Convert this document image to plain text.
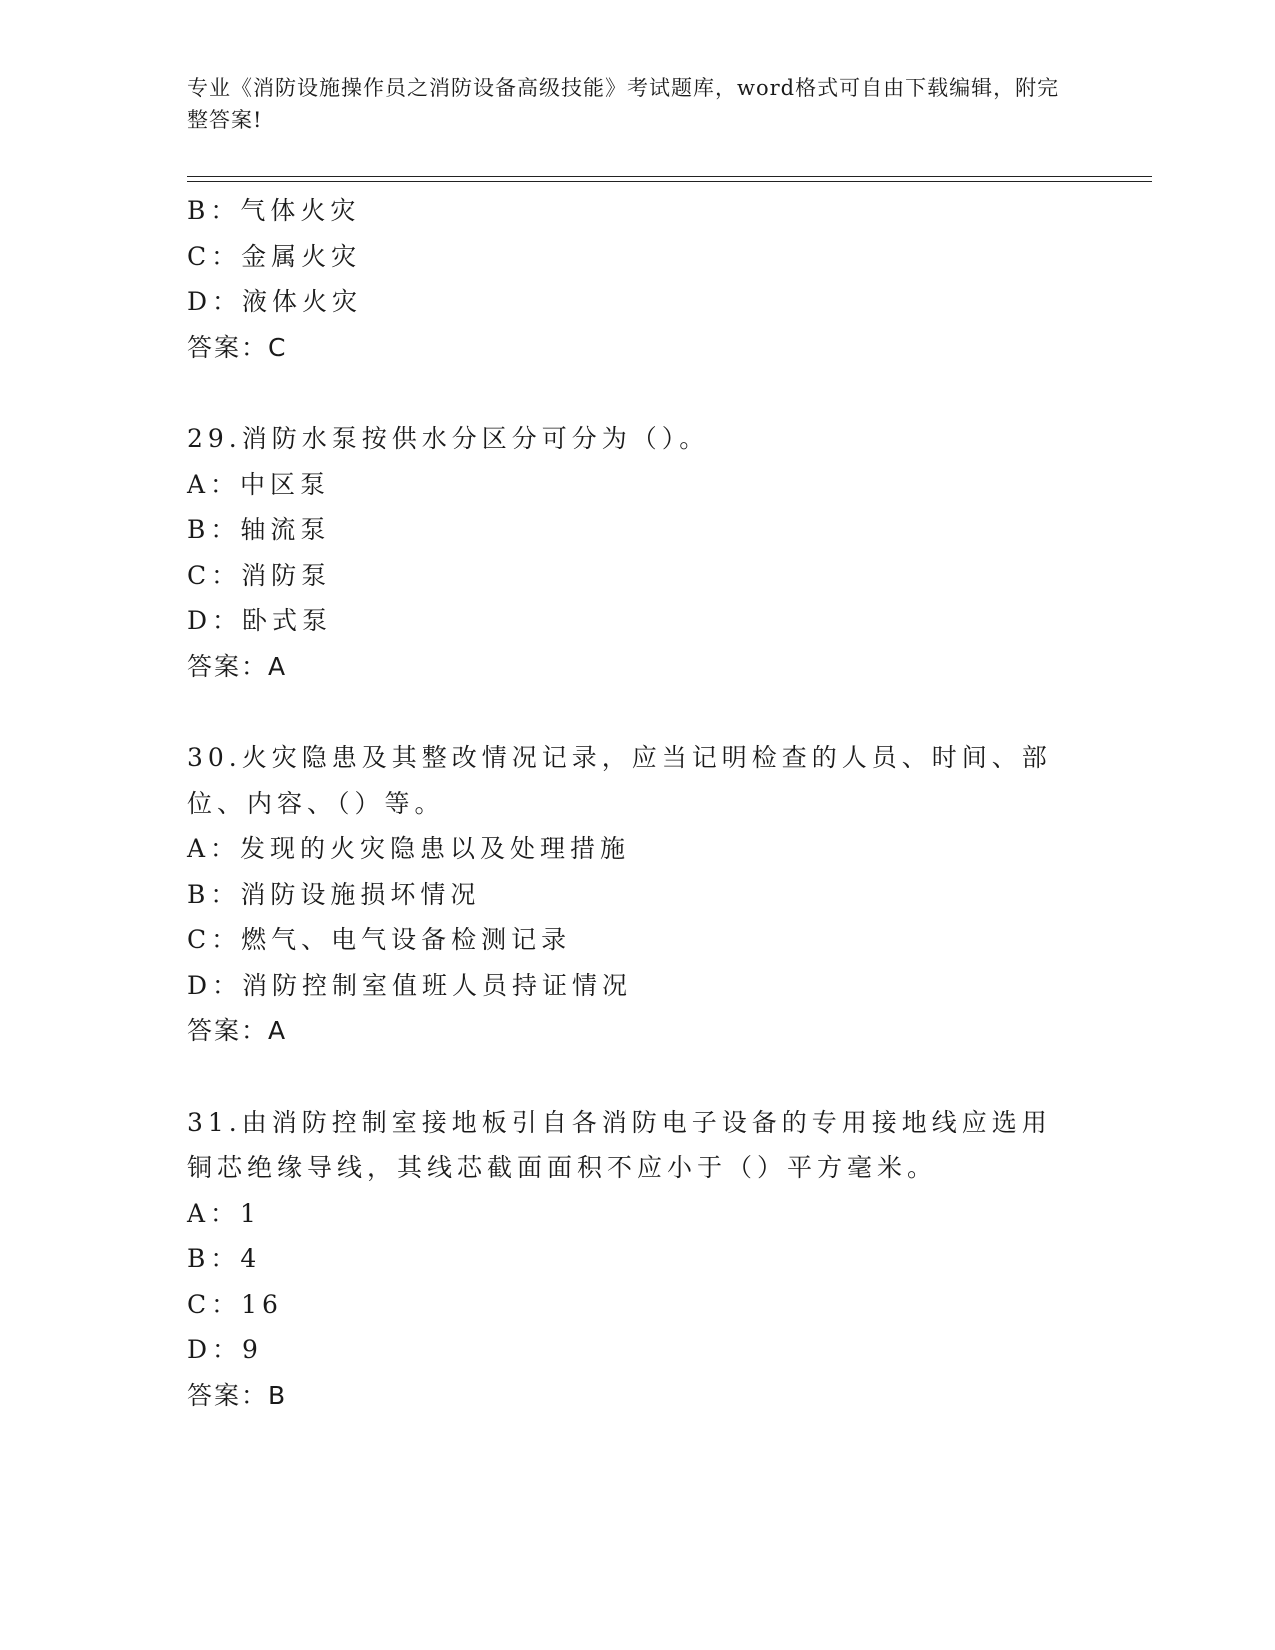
专业《消防设施操作员之消防设备高级技能》考试题库，word格式可自由下载编辑，附完整答案!
B：气体火灾
C：金属火灾
D：液体火灾
答案：C
29.消防水泵按供水分区分可分为（）。
A：中区泵
B：轴流泵
C：消防泵
D：卧式泵
答案：A
30.火灾隐患及其整改情况记录，应当记明检查的人员、时间、部位、内容、（）等。
A：发现的火灾隐患以及处理措施
B：消防设施损坏情况
C：燃气、电气设备检测记录
D：消防控制室值班人员持证情况
答案：A
31.由消防控制室接地板引自各消防电子设备的专用接地线应选用铜芯绝缘导线，其线芯截面面积不应小于（）平方毫米。
A：1
B：4
C：16
D：9
答案：B
